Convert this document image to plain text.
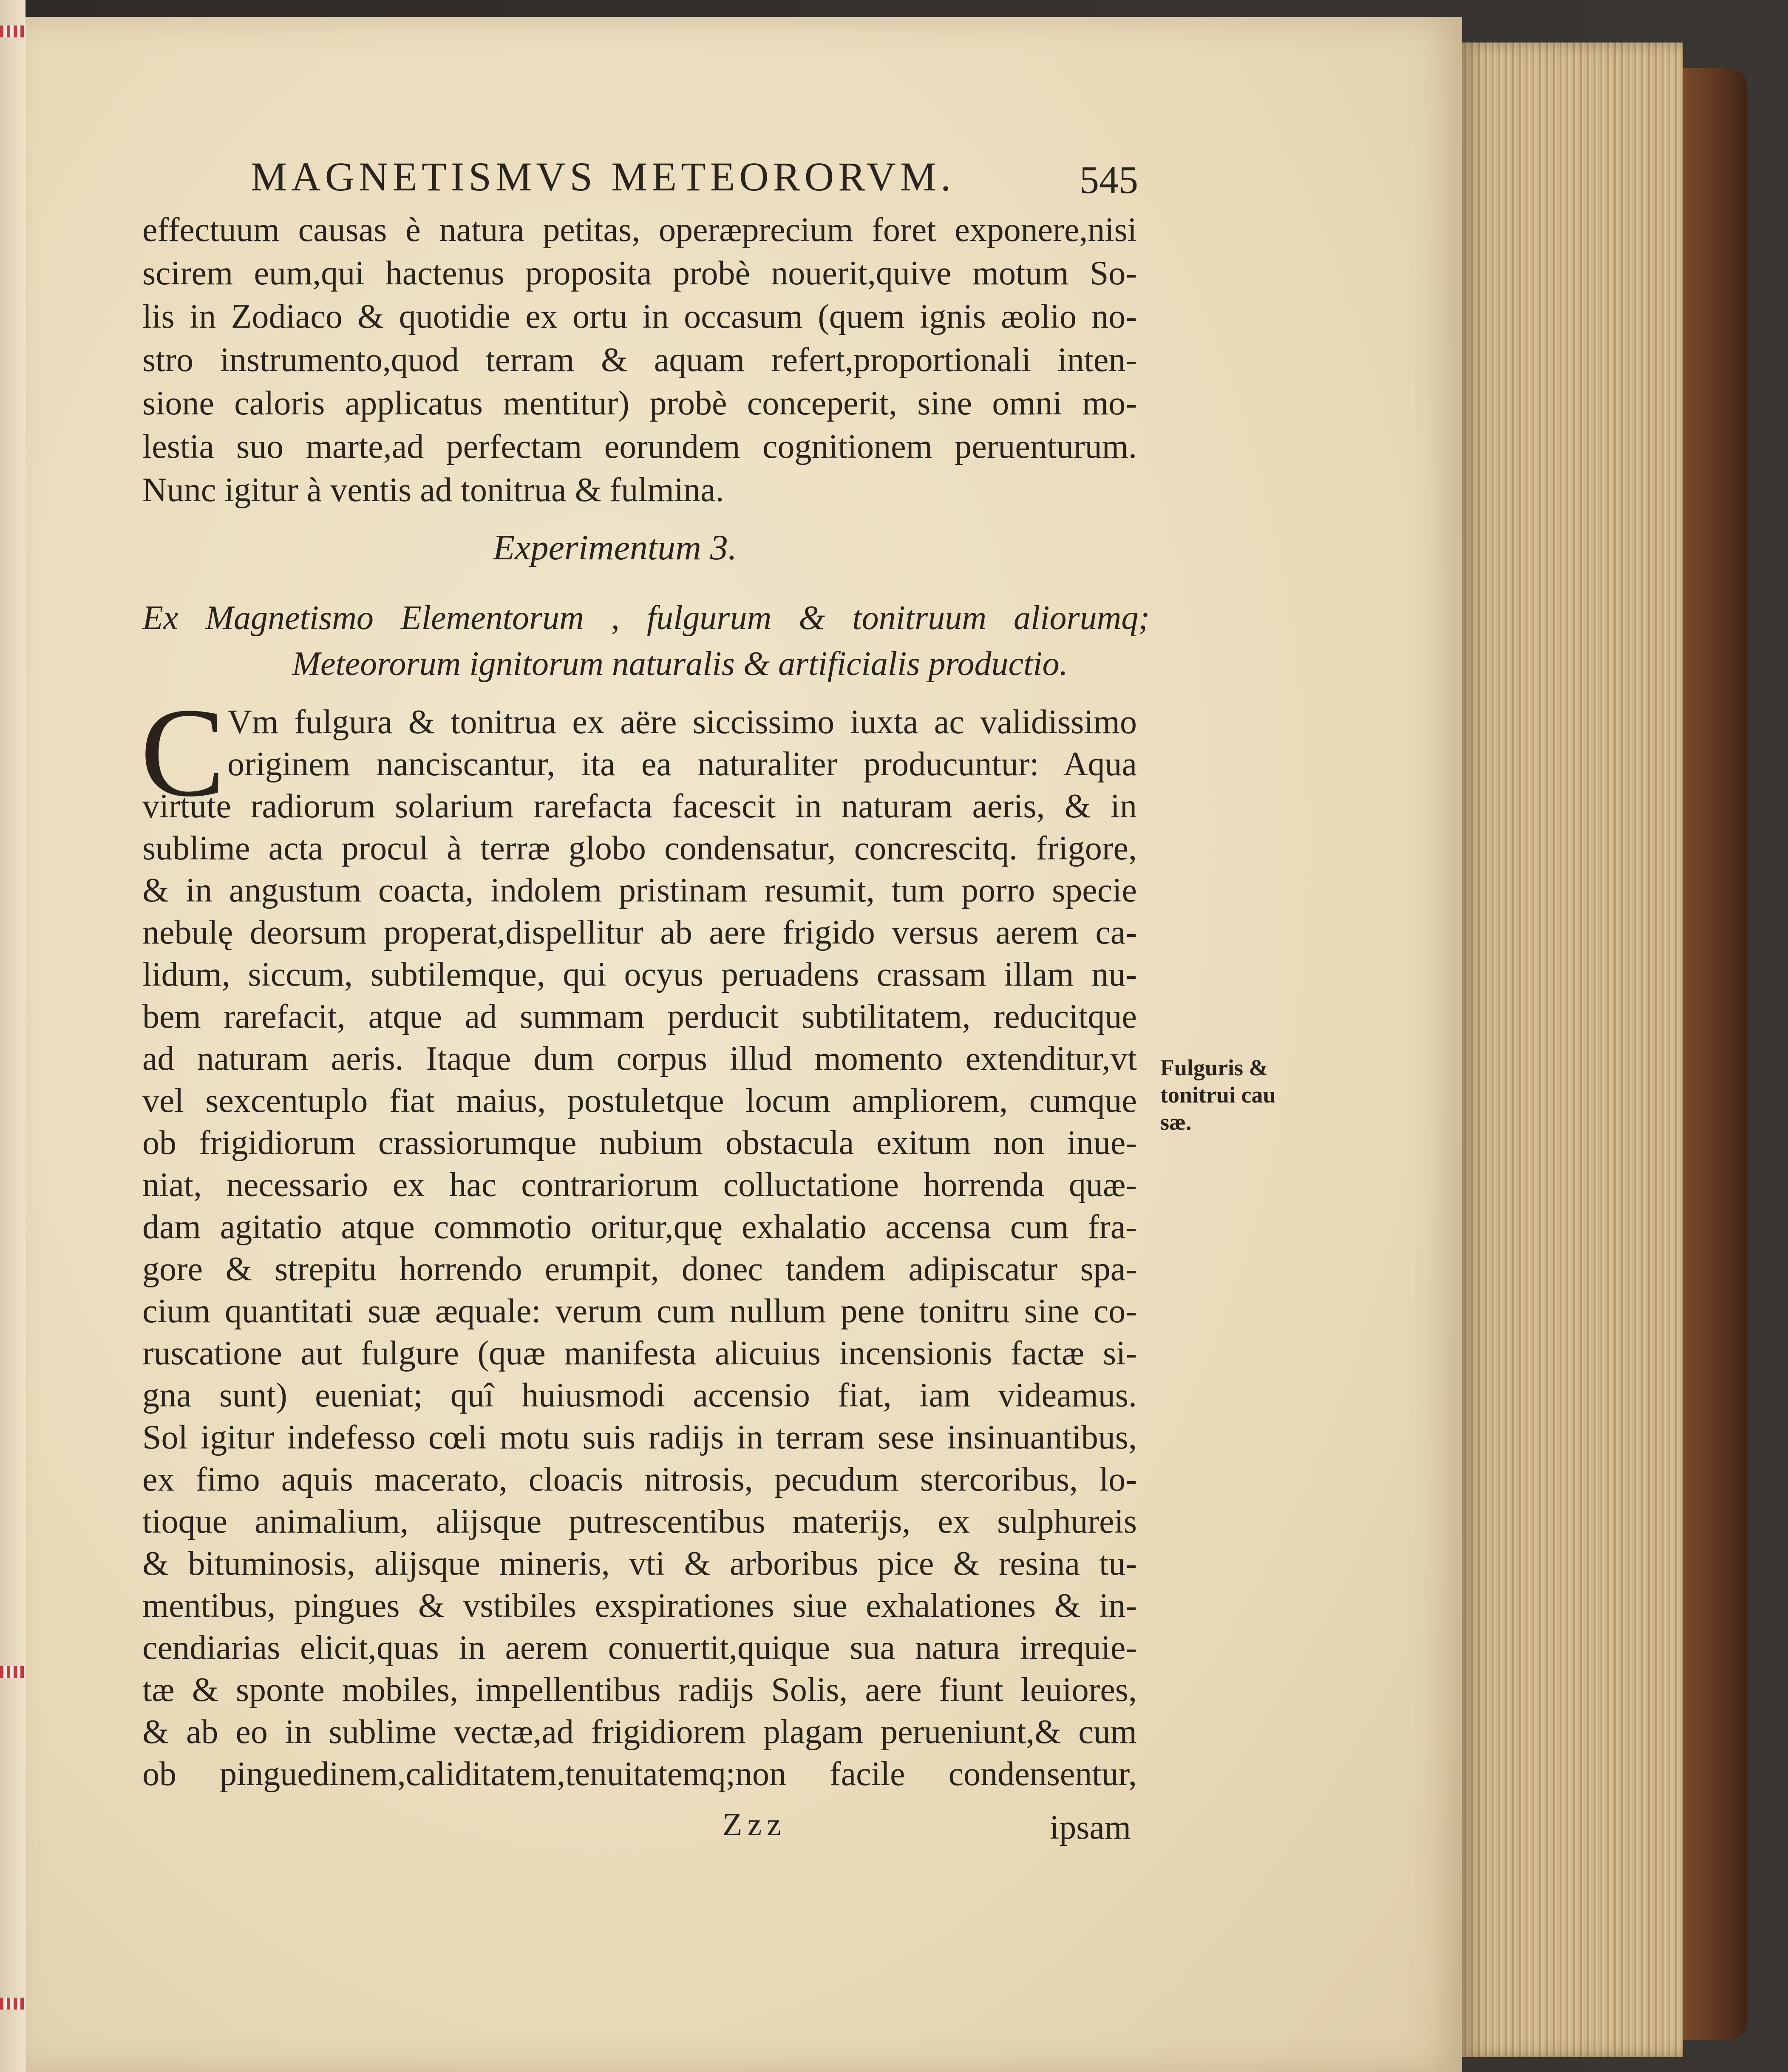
MAGNETISMVS METEORORVM.	545

effectuum causas è natura petitas, operæprecium foret exponere,nisi
scirem eum,qui hactenus proposita probè nouerit,quive motum So-
lis in Zodiaco & quotidie ex ortu in occasum (quem ignis æolio no-
stro instrumento,quod terram & aquam refert,proportionali inten-
sione caloris applicatus mentitur) probè conceperit, sine omni mo-
lestia suo marte,ad perfectam eorundem cognitionem peruenturum.
Nunc igitur à ventis ad tonitrua & fulmina.

Experimentum 3.

Ex Magnetismo Elementorum , fulgurum & tonitruum aliorumq;
Meteororum ignitorum naturalis & artificialis productio.

C Vm fulgura & tonitrua ex aëre siccissimo iuxta ac validissimo
originem nanciscantur, ita ea naturaliter producuntur: Aqua
virtute radiorum solarium rarefacta facescit in naturam aeris, & in
sublime acta procul à terræ globo condensatur, concrescitq. frigore,
& in angustum coacta, indolem pristinam resumit, tum porro specie
nebulę deorsum properat,dispellitur ab aere frigido versus aerem ca-
lidum, siccum, subtilemque, qui ocyus peruadens crassam illam nu-
bem rarefacit, atque ad summam perducit subtilitatem, reducitque
ad naturam aeris. Itaque dum corpus illud momento extenditur,vt
vel sexcentuplo fiat maius, postuletque locum ampliorem, cumque
ob frigidiorum crassiorumque nubium obstacula exitum non inue-
niat, necessario ex hac contrariorum colluctatione horrenda quæ-
dam agitatio atque commotio oritur,quę exhalatio accensa cum fra-
gore & strepitu horrendo erumpit, donec tandem adipiscatur spa-
cium quantitati suæ æquale: verum cum nullum pene tonitru sine co-
ruscatione aut fulgure (quæ manifesta alicuius incensionis factæ si-
gna sunt) eueniat; quî huiusmodi accensio fiat, iam videamus.
Sol igitur indefesso cœli motu suis radijs in terram sese insinuantibus,
ex fimo aquis macerato, cloacis nitrosis, pecudum stercoribus, lo-
tioque animalium, alijsque putrescentibus materijs, ex sulphureis
& bituminosis, alijsque mineris, vti & arboribus pice & resina tu-
mentibus, pingues & vstibiles exspirationes siue exhalationes & in-
cendiarias elicit,quas in aerem conuertit,quique sua natura irrequie-
tæ & sponte mobiles, impellentibus radijs Solis, aere fiunt leuiores,
& ab eo in sublime vectæ,ad frigidiorem plagam perueniunt,& cum
ob pinguedinem,caliditatem,tenuitatemq;non facile condensentur,

Fulguris &
tonitrui cau
sæ.
Zzz	ipsam
